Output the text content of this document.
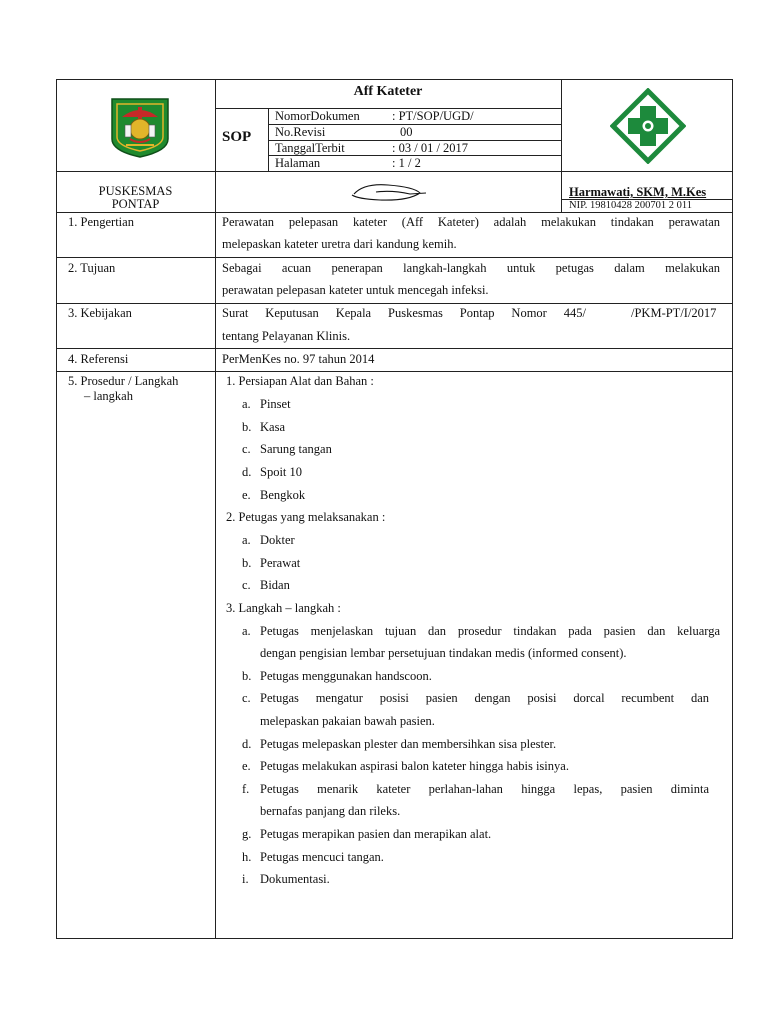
Aff Kateter
SOP
NomorDokumen	: PT/SOP/UGD/
No.Revisi	00
TanggalTerbit	: 03 / 01 / 2017
Halaman	: 1 / 2
PUSKESMAS
PONTAP
Harmawati, SKM, M.Kes
NIP. 19810428 200701 2 011
1. Pengertian	Perawatan pelepasan kateter (Aff Kateter) adalah melakukan tindakan perawatan
melepaskan kateter uretra dari kandung kemih.
2. Tujuan	Sebagai acuan penerapan langkah-langkah untuk petugas dalam melakukan
perawatan pelepasan kateter untuk mencegah infeksi.
3. Kebijakan	Surat Keputusan Kepala Puskesmas Pontap Nomor 445/	/PKM-PT/I/2017
tentang Pelayanan Klinis.
4. Referensi	PerMenKes no. 97 tahun 2014
5. Prosedur / Langkah
– langkah
1. Persiapan Alat dan Bahan :
a. Pinset
b. Kasa
c. Sarung tangan
d. Spoit 10
e. Bengkok
2. Petugas yang melaksanakan :
a. Dokter
b. Perawat
c. Bidan
3. Langkah – langkah :
a. Petugas menjelaskan tujuan dan prosedur tindakan pada pasien dan keluarga
dengan pengisian lembar persetujuan tindakan medis (informed consent).
b. Petugas menggunakan handscoon.
c. Petugas mengatur posisi pasien dengan posisi dorcal recumbent dan
melepaskan pakaian bawah pasien.
d. Petugas melepaskan plester dan membersihkan sisa plester.
e. Petugas melakukan aspirasi balon kateter hingga habis isinya.
f. Petugas menarik kateter perlahan-lahan hingga lepas, pasien diminta
bernafas panjang dan rileks.
g. Petugas merapikan pasien dan merapikan alat.
h. Petugas mencuci tangan.
i. Dokumentasi.
